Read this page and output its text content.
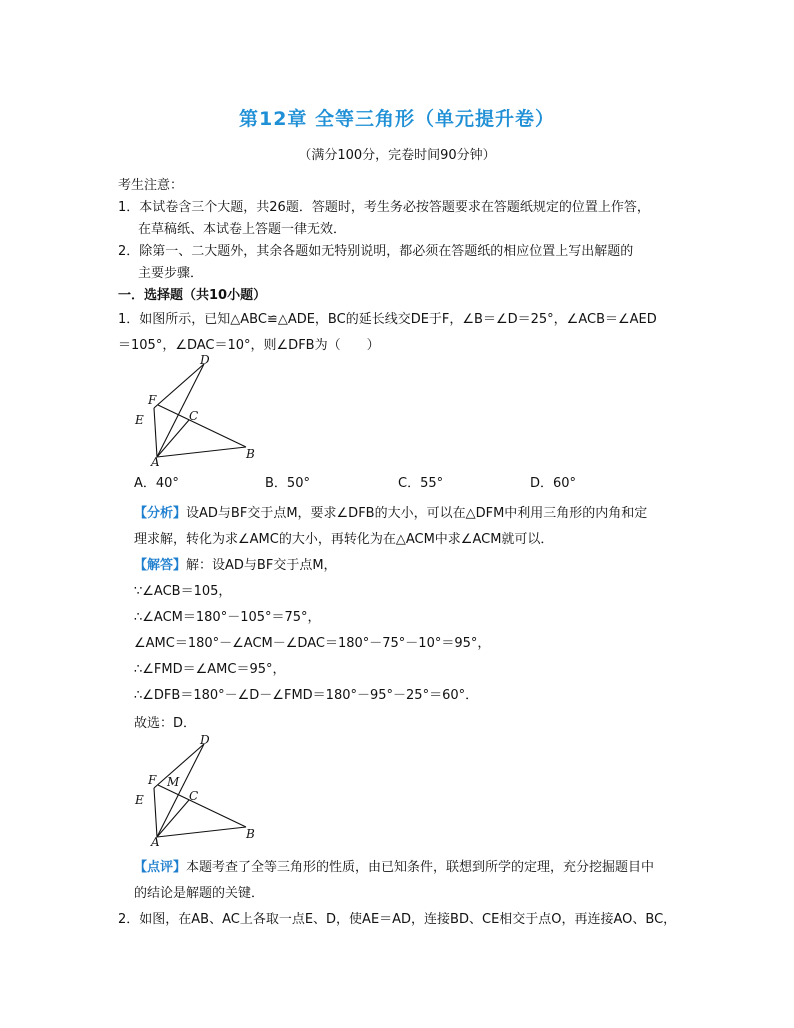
第12章 全等三角形（单元提升卷）
（满分100分，完卷时间90分钟）
考生注意：
1．本试卷含三个大题，共26题．答题时，考生务必按答题要求在答题纸规定的位置上作答，
在草稿纸、本试卷上答题一律无效．
2．除第一、二大题外，其余各题如无特别说明，都必须在答题纸的相应位置上写出解题的
主要步骤．
一．选择题（共10小题）
1．如图所示，已知△ABC≌△ADE，BC的延长线交DE于F，∠B＝∠D＝25°，∠ACB＝∠AED
＝105°，∠DAC＝10°，则∠DFB为（　　）
D
F
C
E
A
B
A．40°	B．50°	C．55°	D．60°
【分析】设AD与BF交于点M，要求∠DFB的大小，可以在△DFM中利用三角形的内角和定
理求解，转化为求∠AMC的大小，再转化为在△ACM中求∠ACM就可以．
【解答】解：设AD与BF交于点M，
∵∠ACB＝105，
∴∠ACM＝180°－105°＝75°，
∠AMC＝180°－∠ACM－∠DAC＝180°－75°－10°＝95°，
∴∠FMD＝∠AMC＝95°，
∴∠DFB＝180°－∠D－∠FMD＝180°－95°－25°＝60°．
故选：D．
D
F M
C
E
A
B
【点评】本题考查了全等三角形的性质，由已知条件，联想到所学的定理，充分挖掘题目中
的结论是解题的关键．
2．如图，在AB、AC上各取一点E、D，使AE＝AD，连接BD、CE相交于点O，再连接AO、BC，
